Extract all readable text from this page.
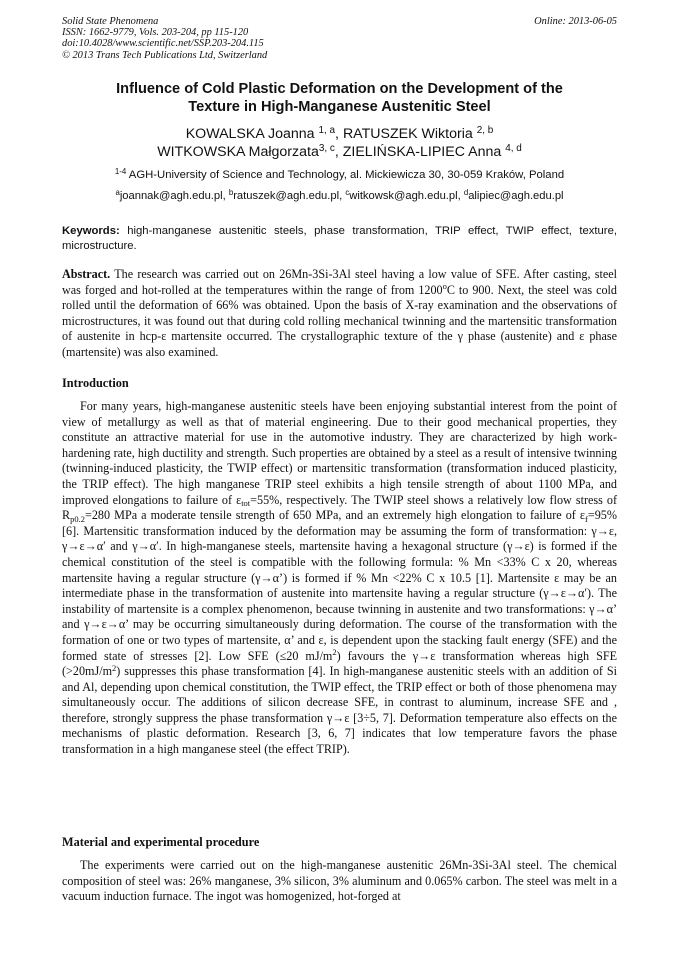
Solid State Phenomena
ISSN: 1662-9779, Vols. 203-204, pp 115-120
doi:10.4028/www.scientific.net/SSP.203-204.115
© 2013 Trans Tech Publications Ltd, Switzerland
Online: 2013-06-05
Influence of Cold Plastic Deformation on the Development of the
Texture in High-Manganese Austenitic Steel
KOWALSKA Joanna $^{1, a}$, RATUSZEK Wiktoria $^{2, b}$
WITKOWSKA Małgorzata$^{3, c}$, ZIELIŃSKA-LIPIEC Anna $^{4, d}$
$^{1-4}$ AGH-University of Science and Technology, al. Mickiewicza 30, 30-059 Kraków, Poland
$^a$joannak@agh.edu.pl, $^b$ratuszek@agh.edu.pl, $^c$witkowsk@agh.edu.pl, $^d$alipiec@agh.edu.pl
Keywords: high-manganese austenitic steels, phase transformation, TRIP effect, TWIP effect, texture, microstructure.
Abstract. The research was carried out on 26Mn-3Si-3Al steel having a low value of SFE. After casting, steel was forged and hot-rolled at the temperatures within the range of from 1200$^o$C to 900. Next, the steel was cold rolled until the deformation of 66% was obtained. Upon the basis of X-ray examination and the observations of microstructures, it was found out that during cold rolling mechanical twinning and the martensitic transformation of austenite in hcp-ε martensite occurred. The crystallographic texture of the γ phase (austenite) and ε phase (martensite) was also examined.
Introduction
For many years, high-manganese austenitic steels have been enjoying substantial interest from the point of view of metallurgy as well as that of material engineering. Due to their good mechanical properties, they constitute an attractive material for use in the automotive industry. They are characterized by high work-hardening rate, high ductility and strength. Such properties are obtained by a steel as a result of intensive twinning (twinning-induced plasticity, the TWIP effect) or martensitic transformation (transformation induced plasticity, the TRIP effect). The high manganese TRIP steel exhibits a high tensile strength of about 1100 MPa, and improved elongations to failure of $\varepsilon_{tot}=55\%$, respectively. The TWIP steel shows a relatively low flow stress of $R_{p0.2}=280$ MPa a moderate tensile strength of 650 MPa, and an extremely high elongation to failure of $\varepsilon_f=95\%$ [6]. Martensitic transformation induced by the deformation may be assuming the form of transformation: γ→ε, γ→ε→α′ and γ→α′. In high-manganese steels, martensite having a hexagonal structure (γ→ε) is formed if the chemical constitution of the steel is compatible with the following formula: % Mn <33% C x 20, whereas martensite having a regular structure (γ→α’) is formed if % Mn <22% C x 10.5 [1]. Martensite ε may be an intermediate phase in the transformation of austenite into martensite having a regular structure (γ→ε→α′). The instability of martensite is a complex phenomenon, because twinning in austenite and two transformations: γ→α’ and γ→ε→α’ may be occurring simultaneously during deformation. The course of the transformation with the formation of one or two types of martensite, α’ and ε, is dependent upon the stacking fault energy (SFE) and the formed state of stresses [2]. Low SFE (≤20 $mJ/m^2$) favours the γ→ε transformation whereas high SFE $(>20mJ/m^2)$ suppresses this phase transformation [4]. In high-manganese austenitic steels with an addition of Si and Al, depending upon chemical constitution, the TWIP effect, the TRIP effect or both of those phenomena may simultaneously occur. The additions of silicon decrease SFE, in contrast to aluminum, increase SFE and , therefore, strongly suppress the phase transformation γ→ε [3÷5, 7]. Deformation temperature also effects on the mechanisms of plastic deformation. Research [3, 6, 7] indicates that low temperature favors the phase transformation in a high manganese steel (the effect TRIP).
Material and experimental procedure
The experiments were carried out on the high-manganese austenitic 26Mn-3Si-3Al steel. The chemical composition of steel was: 26% manganese, 3% silicon, 3% aluminum and 0.065% carbon. The steel was melt in a vacuum induction furnace. The ingot was homogenized, hot-forged at
